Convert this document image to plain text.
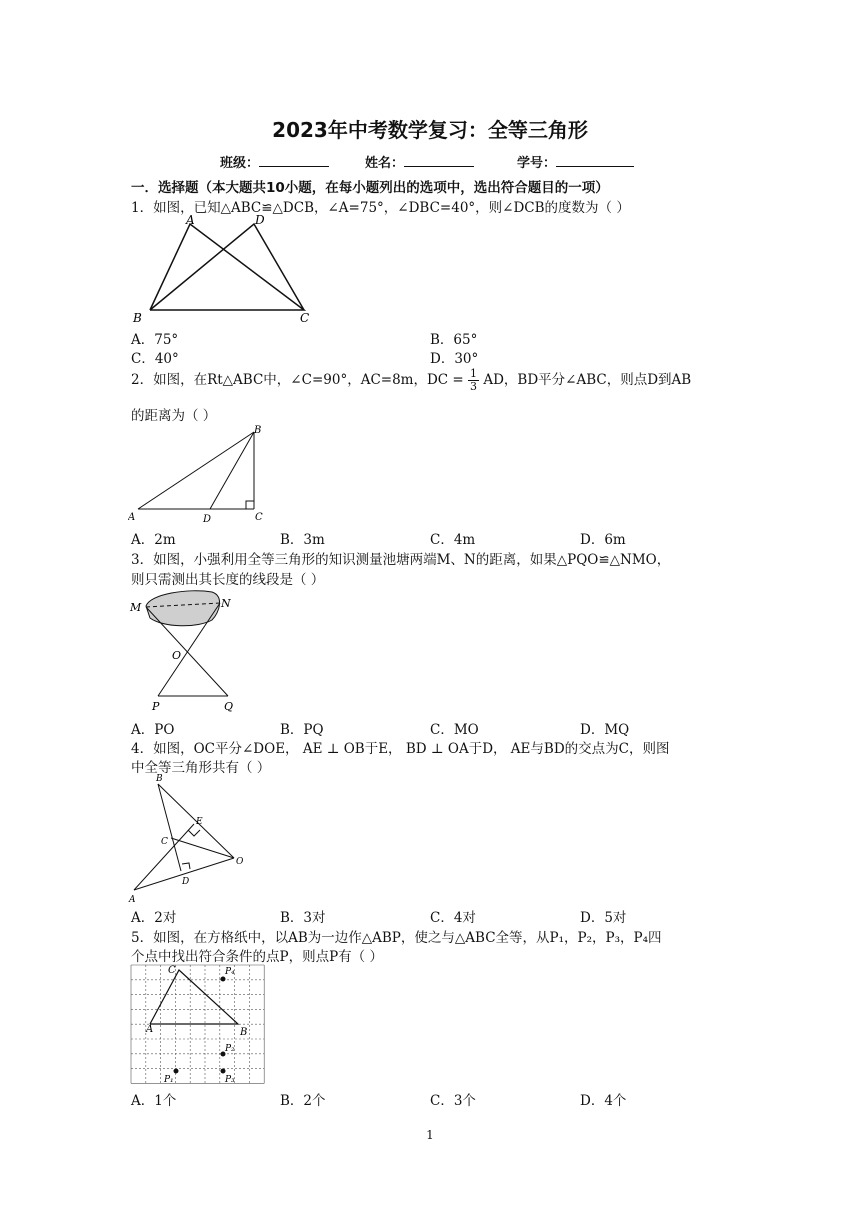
2023年中考数学复习：全等三角形
班级：	姓名：	学号：
一．选择题（本大题共10小题，在每小题列出的选项中，选出符合题目的一项）
1．如图，已知△ABC≌△DCB，∠A=75°，∠DBC=40°，则∠DCB的度数为（ ）
A	D
B	C
A．75°	B．65°
C．40°	D．30°
2．如图，在Rt△ABC中，∠C=90°，AC=8m，DC = $\frac{1}{3}$ AD，BD平分∠ABC，则点D到AB
的距离为（ ）
B
A	D	C
A．2m	B．3m	C．4m	D．6m
3．如图，小强利用全等三角形的知识测量池塘两端M、N的距离，如果△PQO≌△NMO，
则只需测出其长度的线段是（ ）
M	N
O
P	Q
A．PO	B．PQ	C．MO	D．MQ
4．如图，OC平分∠DOE， AE ⊥ OB于E， BD ⊥ OA于D， AE与BD的交点为C，则图
中全等三角形共有（ ）
B
E
C
O
D
A
A．2对	B．3对	C．4对	D．5对
5．如图，在方格纸中，以AB为一边作△ABP，使之与△ABC全等，从P₁，P₂，P₃，P₄四
个点中找出符合条件的点P，则点P有（ ）
C
A	B
P₄
P₂
P₃
P₁
A．1个	B．2个	C．3个	D．4个
1
